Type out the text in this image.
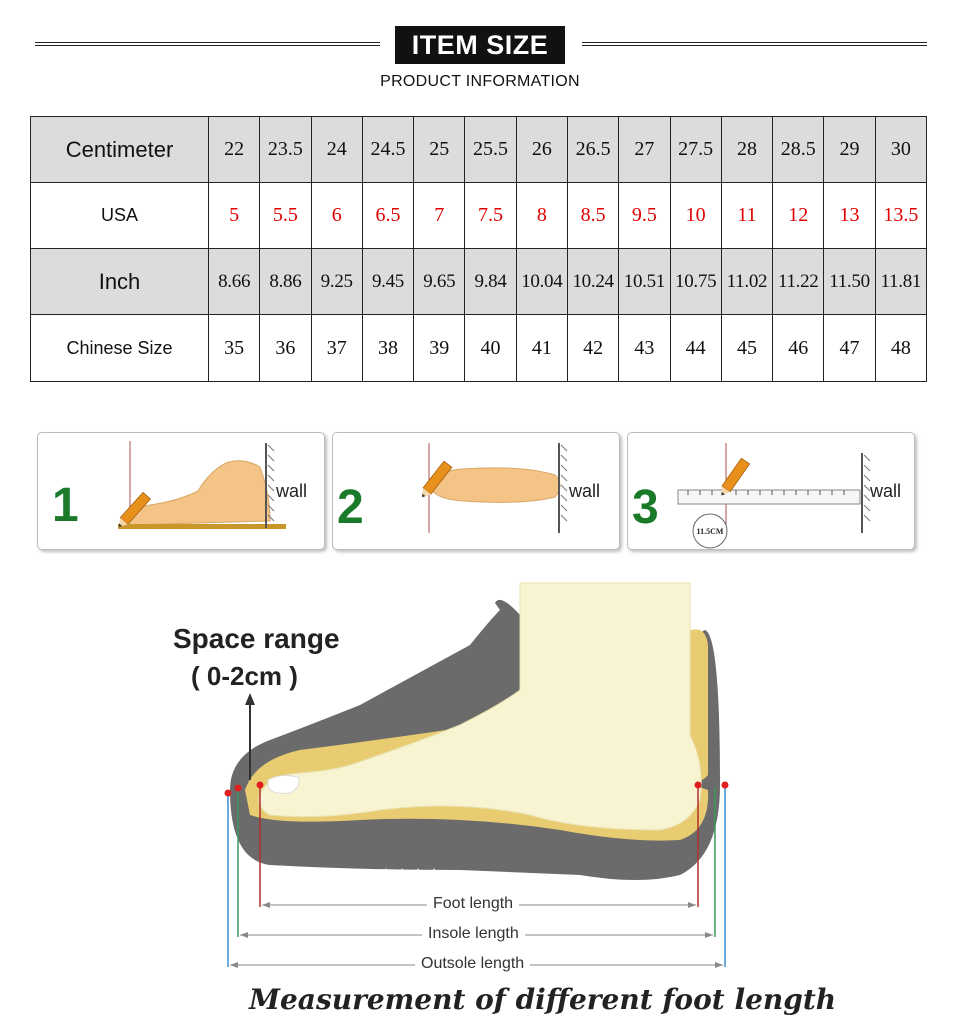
ITEM SIZE
PRODUCT INFORMATION
Centimeter	22	23.5	24	24.5	25	25.5	26	26.5	27	27.5	28	28.5	29	30
USA	5	5.5	6	6.5	7	7.5	8	8.5	9.5	10	11	12	13	13.5
Inch	8.66	8.86	9.25	9.45	9.65	9.84	10.04	10.24	10.51	10.75	11.02	11.22	11.50	11.81
Chinese Size	35	36	37	38	39	40	41	42	43	44	45	46	47	48
1	wall 2	wall 3	11.5CM
wall
Space range
( 0-2cm )
Foot length
Insole length
Outsole length
Measurement of different foot length
